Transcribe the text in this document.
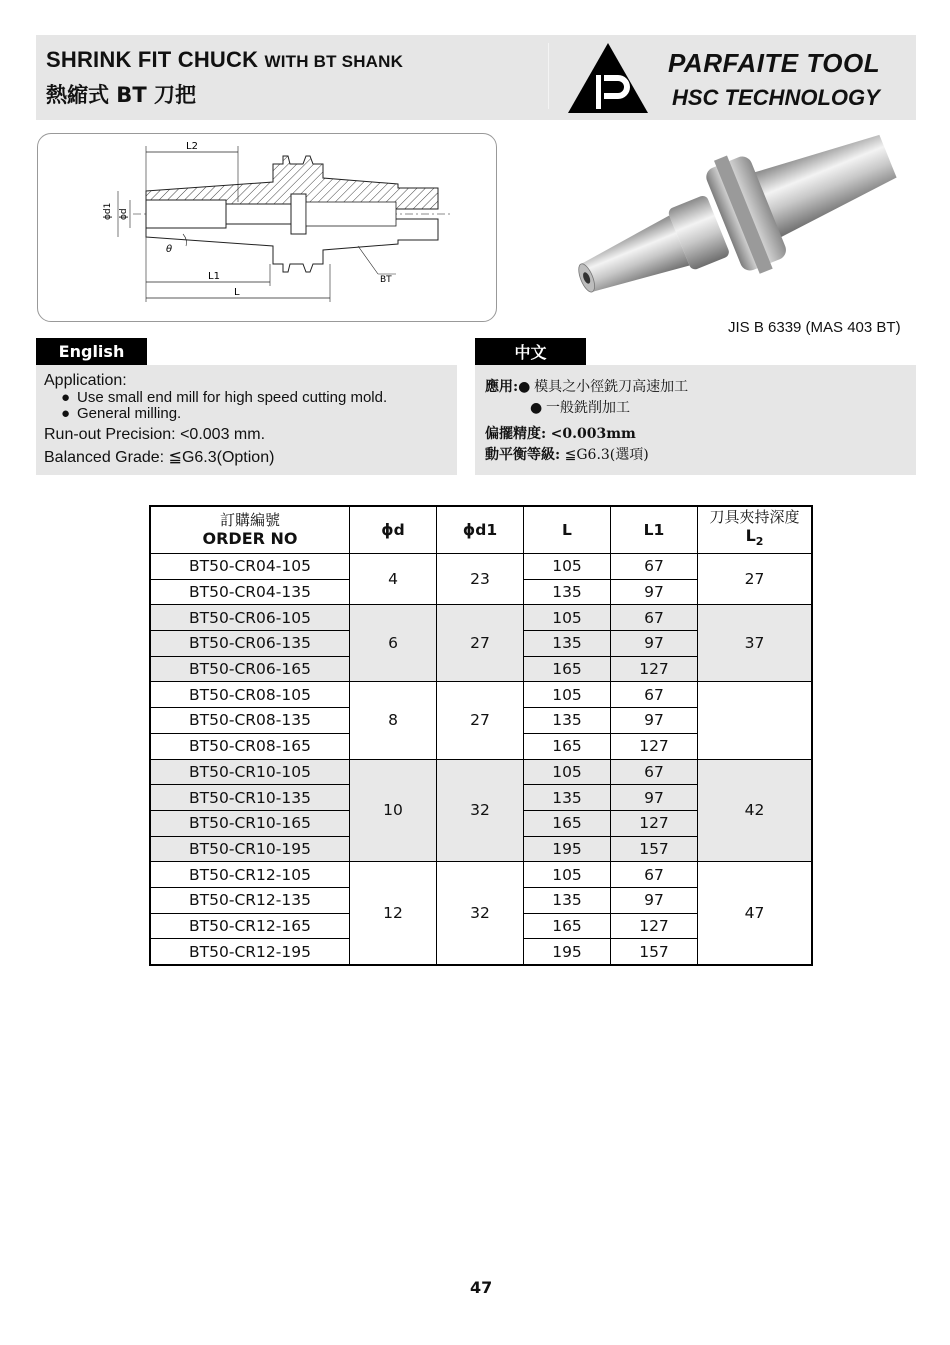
SHRINK FIT CHUCK WITH BT SHANK
熱縮式 BT 刀把
PARFAITE TOOL
HSC TECHNOLOGY
L2
L1
L
ϕd1 ϕd
θ
BT
JIS B 6339 (MAS 403 BT)
English
Application:
● Use small end mill for high speed cutting mold.
● General milling.
Run-out Precision: <0.003 mm.
Balanced Grade: ≦G6.3(Option)
中文
應用:● 模具之小徑銑刀高速加工
● 一般銑削加工
偏擺精度: <0.003mm
動平衡等級: ≦G6.3(選項)
訂購編號
ORDER NO	ϕd	ϕd1	L	L1	刀具夾持深度
$L_2$

BT50-CR04-105	4	23	105	67	27
BT50-CR04-135			135	97	
BT50-CR06-105	6	27	105	67	37
BT50-CR06-135			135	97	
BT50-CR06-165			165	127	
BT50-CR08-105	8	27	105	67	
BT50-CR08-135			135	97	
BT50-CR08-165			165	127	
BT50-CR10-105	10	32	105	67	42
BT50-CR10-135			135	97	
BT50-CR10-165			165	127	
BT50-CR10-195			195	157	
BT50-CR12-105	12	32	105	67	47
BT50-CR12-135			135	97	
BT50-CR12-165			165	127	
BT50-CR12-195			195	157	
47
